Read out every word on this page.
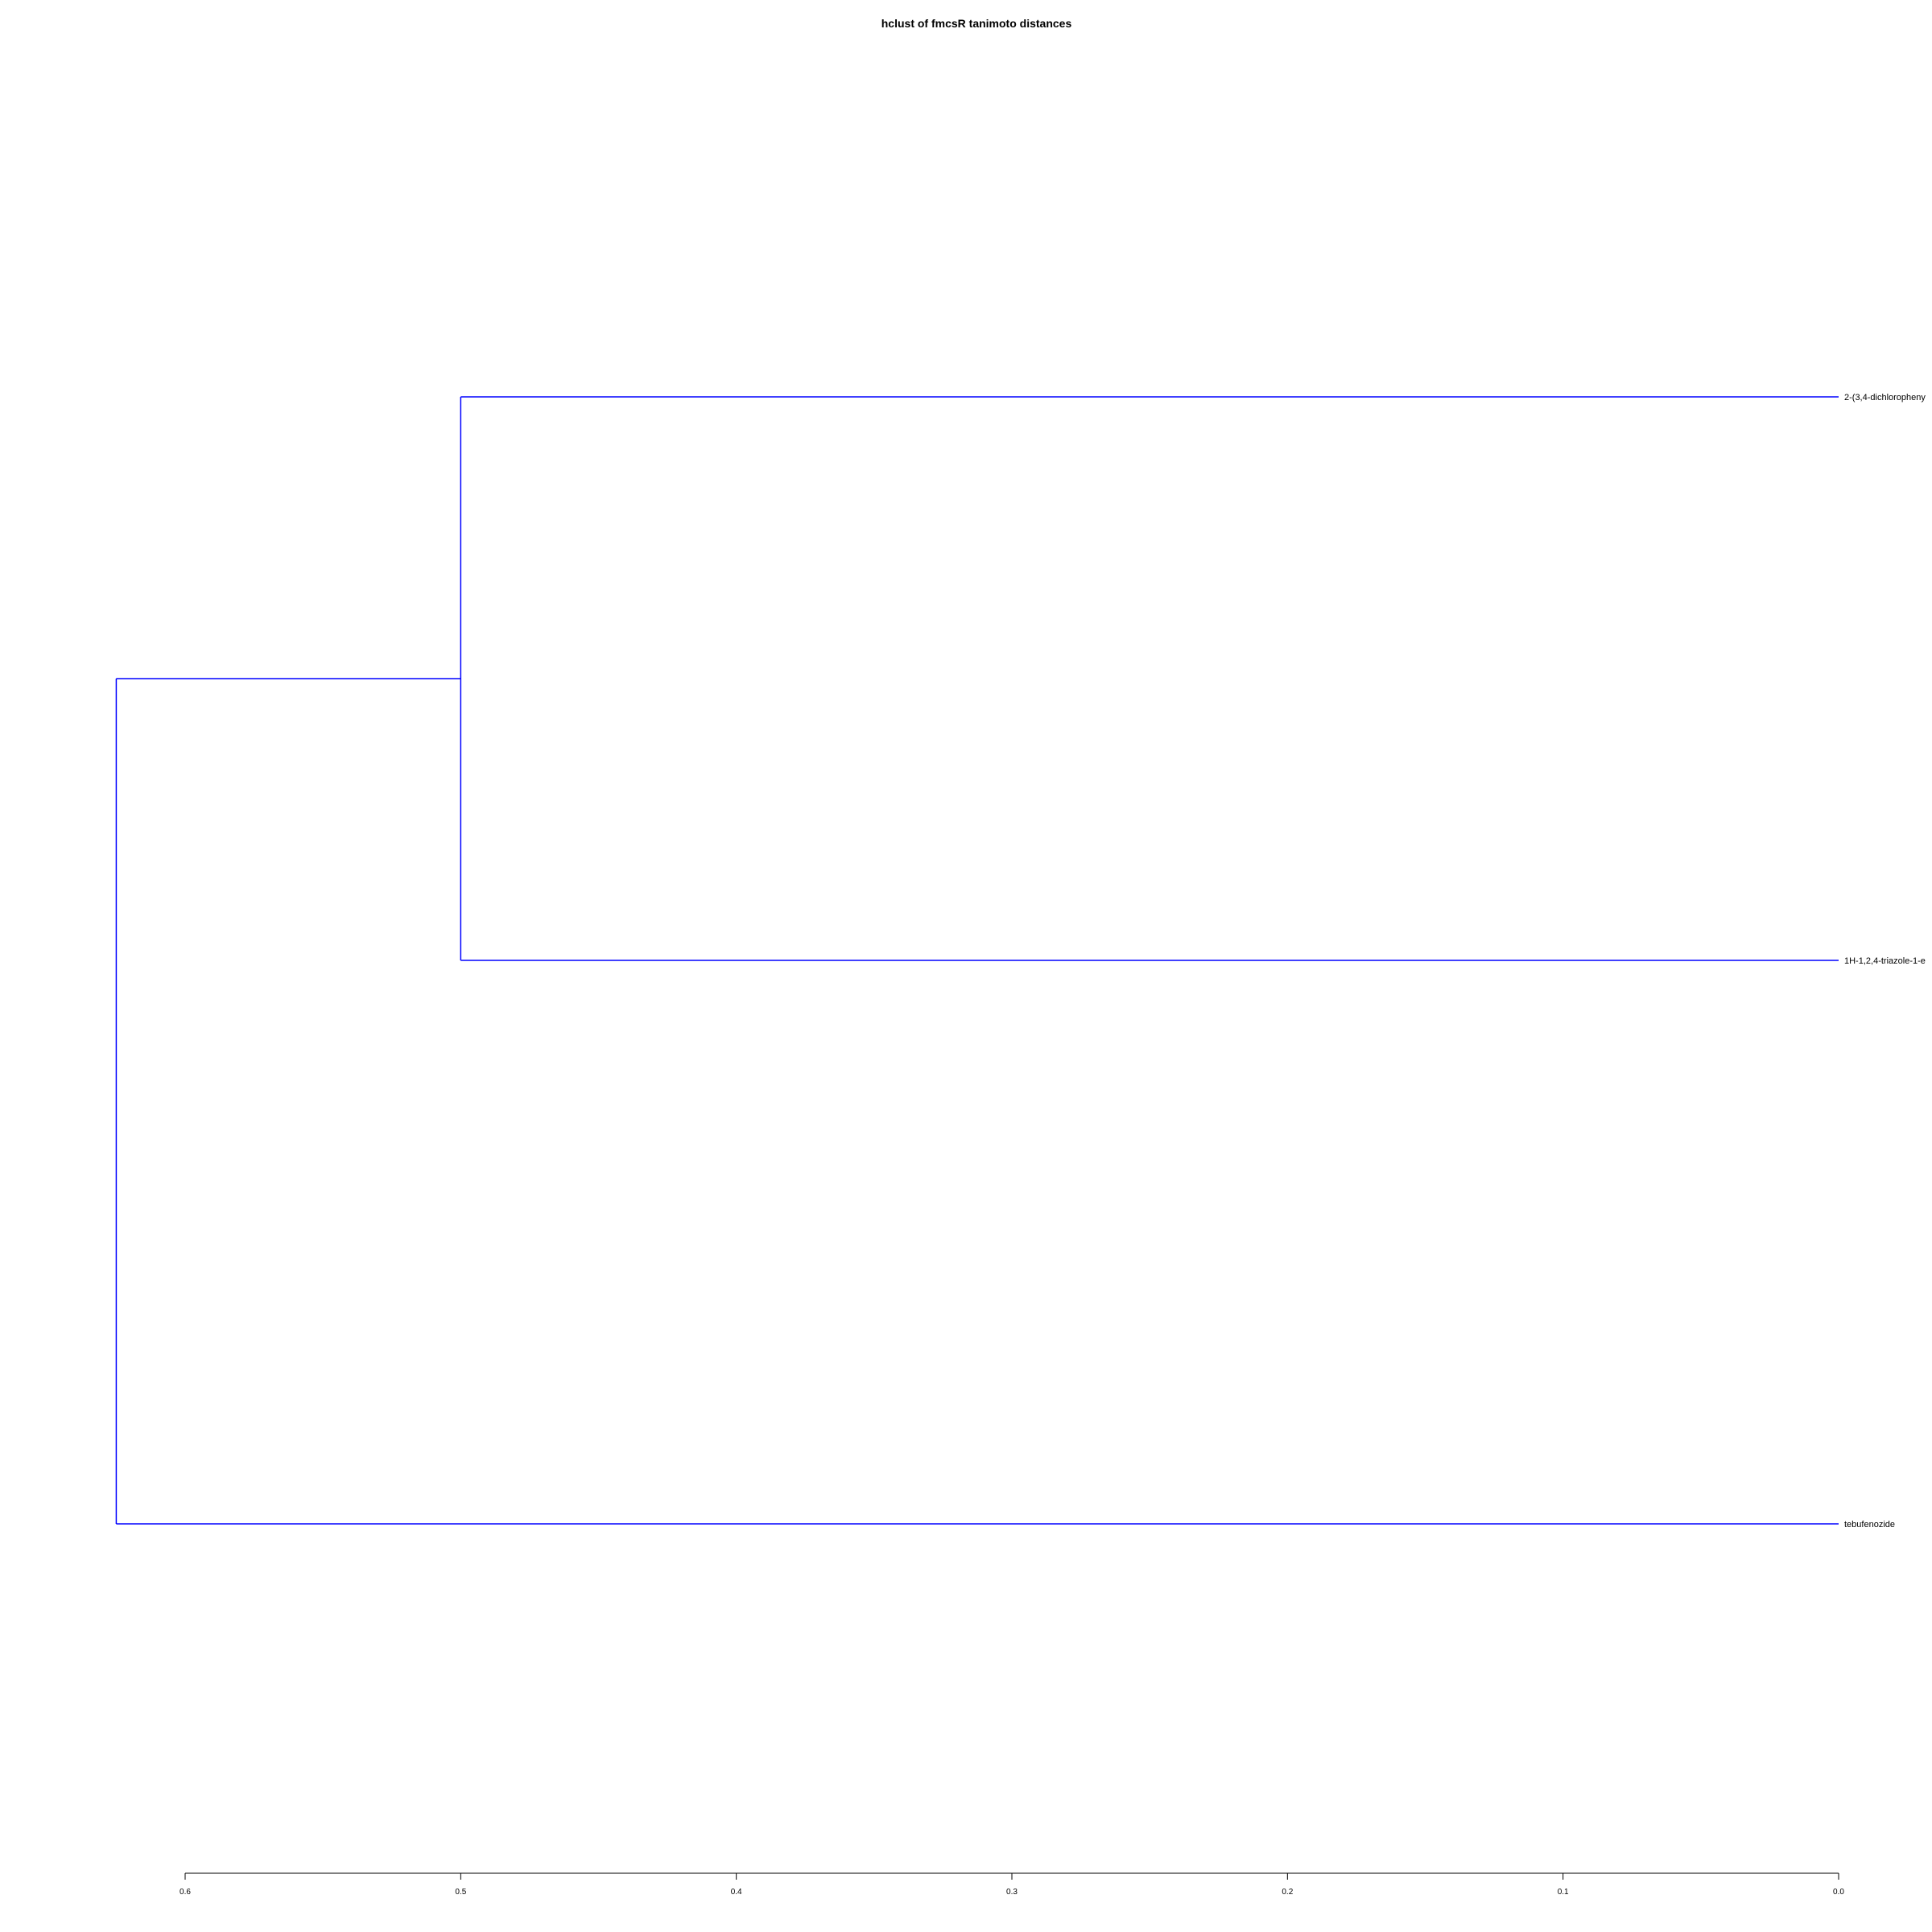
hclust of fmcsR tanimoto distances
2-(3,4-dichloropheny
1H-1,2,4-triazole-1-e
tebufenozide
0.6	0.5	0.4	0.3	0.2	0.1	0.0
